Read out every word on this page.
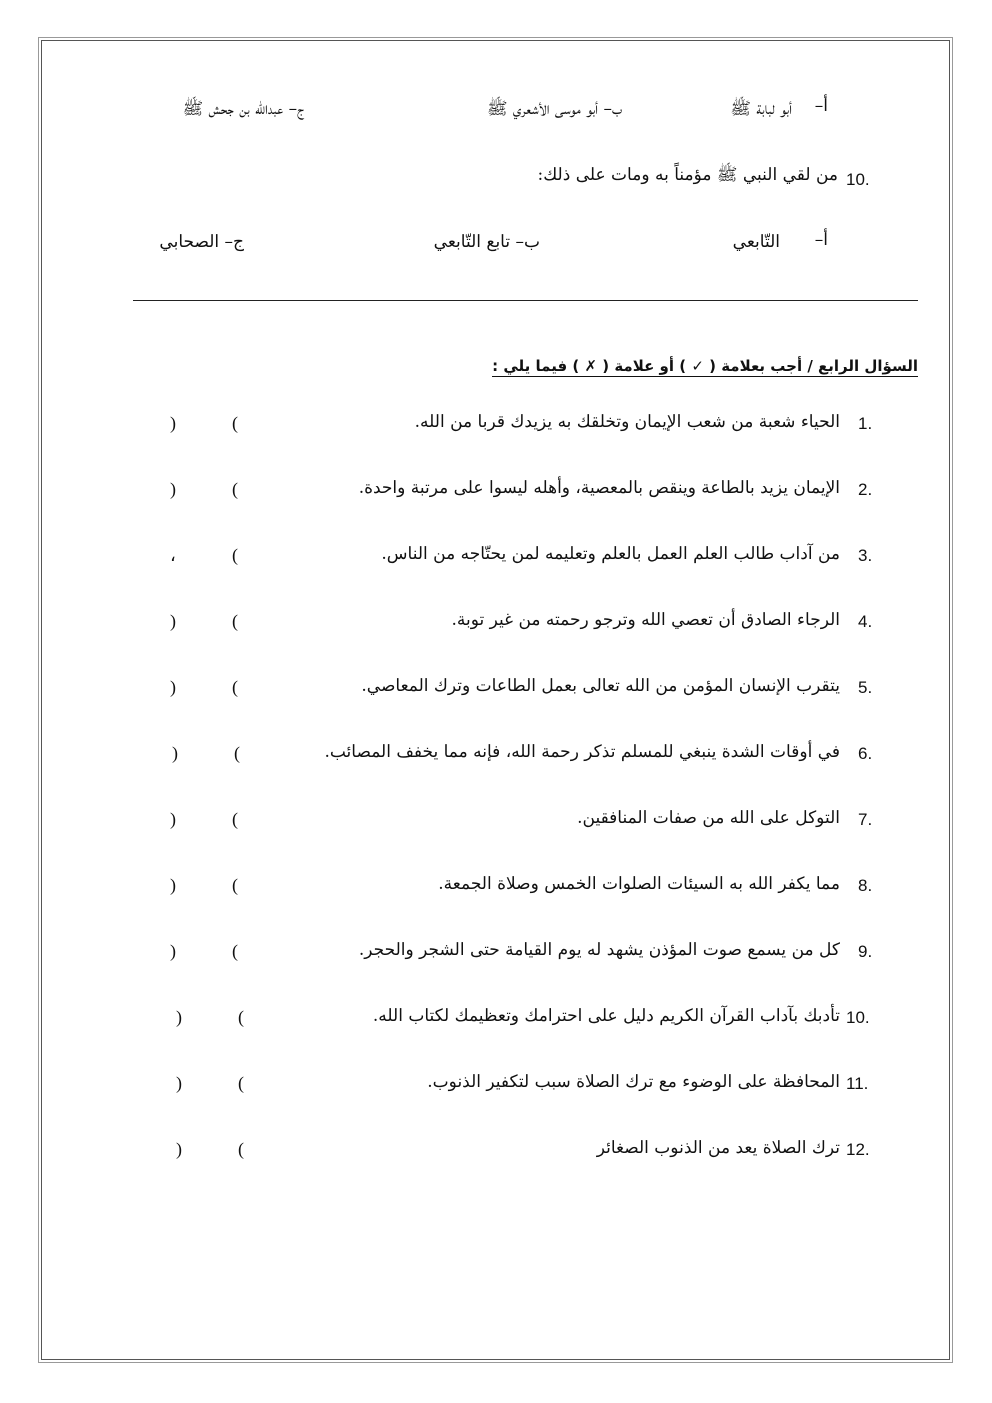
أ–
أبو لبابة ﷺ
ب– أبو موسى الأشعري ﷺ
ج– عبدالله بن جحش ﷺ
10.
من لقي النبي ﷺ مؤمناً به ومات على ذلك:
أ–
التّابعي
ب– تابع التّابعي
ج– الصحابي
السؤال الرابع / أجب بعلامة ( ✓ ) أو علامة ( ✗ ) فيما يلي :
1.
الحياء شعبة من شعب الإيمان وتخلقك به يزيدك قربا من الله.
(
)
2.
الإيمان يزيد بالطاعة وينقص بالمعصية، وأهله ليسوا على مرتبة واحدة.
(
)
3.
من آداب طالب العلم العمل بالعلم وتعليمه لمن يحتّاجه من الناس.
(
،
4.
الرجاء الصادق أن تعصي الله وترجو رحمته من غير توبة.
(
)
5.
يتقرب الإنسان المؤمن من الله تعالى بعمل الطاعات وترك المعاصي.
(
)
6.
في أوقات الشدة ينبغي للمسلم تذكر رحمة الله، فإنه مما يخفف المصائب.
(
)
7.
التوكل على الله من صفات المنافقين.
(
)
8.
مما يكفر الله به السيئات الصلوات الخمس وصلاة الجمعة.
(
)
9.
كل من يسمع صوت المؤذن يشهد له يوم القيامة حتى الشجر والحجر.
(
)
10.
تأدبك بآداب القرآن الكريم دليل على احترامك وتعظيمك لكتاب الله.
(
)
11.
المحافظة على الوضوء مع ترك الصلاة سبب لتكفير الذنوب.
(
)
12.
ترك الصلاة يعد من الذنوب الصغائر
(
)
